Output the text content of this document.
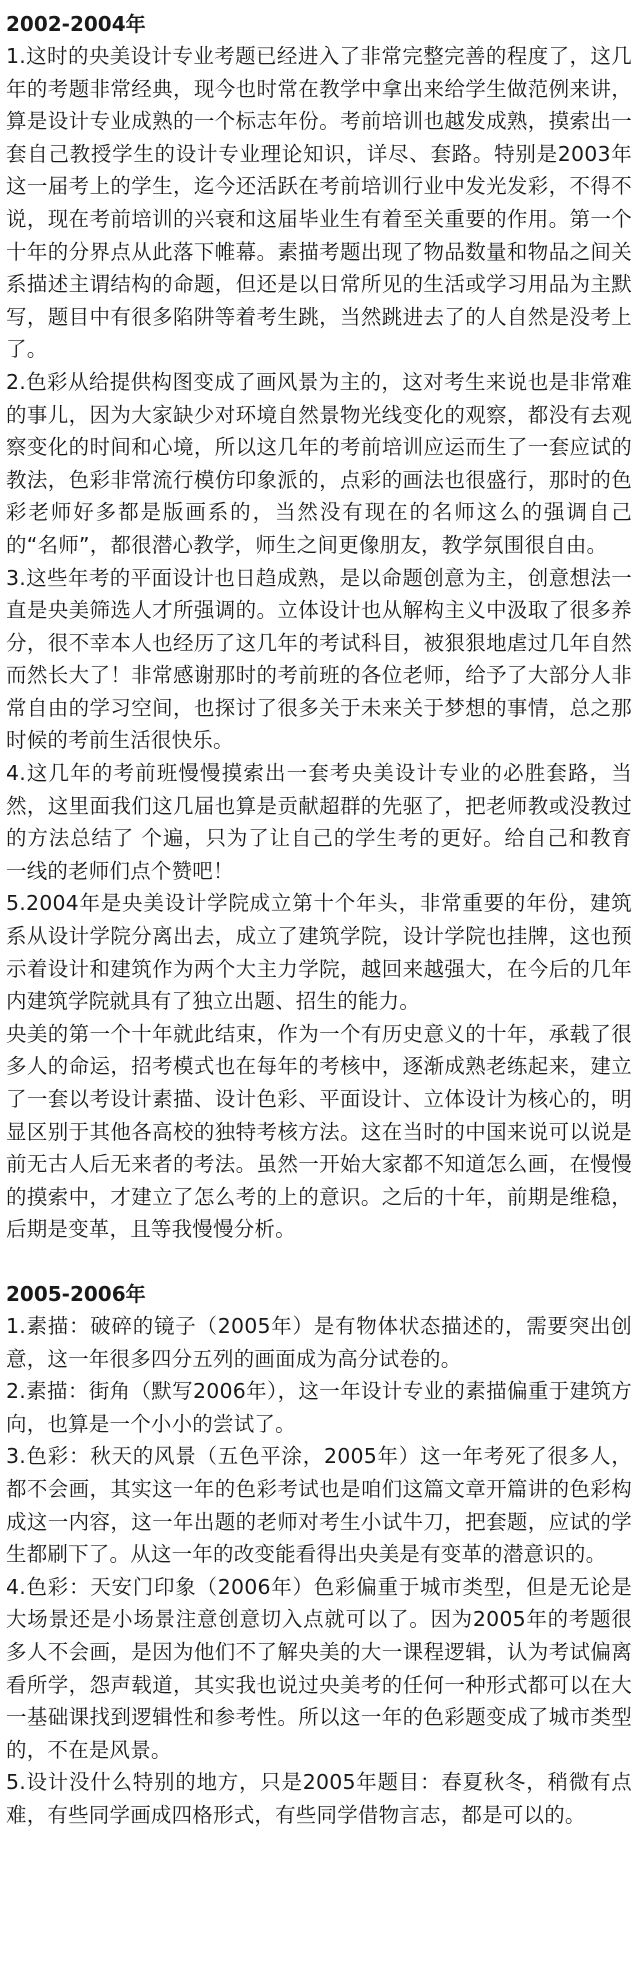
2002-2004年

1.这时的央美设计专业考题已经进入了非常完整完善的程度了，这几年的考题非常经典，现今也时常在教学中拿出来给学生做范例来讲，算是设计专业成熟的一个标志年份。考前培训也越发成熟，摸索出一套自己教授学生的设计专业理论知识，详尽、套路。特别是2003年这一届考上的学生，迄今还活跃在考前培训行业中发光发彩，不得不说，现在考前培训的兴衰和这届毕业生有着至关重要的作用。第一个十年的分界点从此落下帷幕。素描考题出现了物品数量和物品之间关系描述主谓结构的命题，但还是以日常所见的生活或学习用品为主默写，题目中有很多陷阱等着考生跳，当然跳进去了的人自然是没考上了。

2.色彩从给提供构图变成了画风景为主的，这对考生来说也是非常难的事儿，因为大家缺少对环境自然景物光线变化的观察，都没有去观察变化的时间和心境，所以这几年的考前培训应运而生了一套应试的教法，色彩非常流行模仿印象派的，点彩的画法也很盛行，那时的色彩老师好多都是版画系的，当然没有现在的名师这么的强调自己的“名师”，都很潜心教学，师生之间更像朋友，教学氛围很自由。

3.这些年考的平面设计也日趋成熟，是以命题创意为主，创意想法一直是央美筛选人才所强调的。立体设计也从解构主义中汲取了很多养分，很不幸本人也经历了这几年的考试科目，被狠狠地虐过几年自然而然长大了！非常感谢那时的考前班的各位老师，给予了大部分人非常自由的学习空间，也探讨了很多关于未来关于梦想的事情，总之那时候的考前生活很快乐。

4.这几年的考前班慢慢摸索出一套考央美设计专业的必胜套路，当然，这里面我们这几届也算是贡献超群的先驱了，把老师教或没教过的方法总结了 个遍，只为了让自己的学生考的更好。给自己和教育一线的老师们点个赞吧！

5.2004年是央美设计学院成立第十个年头，非常重要的年份，建筑系从设计学院分离出去，成立了建筑学院，设计学院也挂牌，这也预示着设计和建筑作为两个大主力学院，越回来越强大，在今后的几年内建筑学院就具有了独立出题、招生的能力。

央美的第一个十年就此结束，作为一个有历史意义的十年，承载了很多人的命运，招考模式也在每年的考核中，逐渐成熟老练起来，建立了一套以考设计素描、设计色彩、平面设计、立体设计为核心的，明显区别于其他各高校的独特考核方法。这在当时的中国来说可以说是前无古人后无来者的考法。虽然一开始大家都不知道怎么画，在慢慢的摸索中，才建立了怎么考的上的意识。之后的十年，前期是维稳，后期是变革，且等我慢慢分析。

2005-2006年

1.素描：破碎的镜子（2005年）是有物体状态描述的，需要突出创意，这一年很多四分五列的画面成为高分试卷的。

2.素描：街角（默写2006年），这一年设计专业的素描偏重于建筑方向，也算是一个小小的尝试了。

3.色彩：秋天的风景（五色平涂，2005年）这一年考死了很多人，都不会画，其实这一年的色彩考试也是咱们这篇文章开篇讲的色彩构成这一内容，这一年出题的老师对考生小试牛刀，把套题，应试的学生都刷下了。从这一年的改变能看得出央美是有变革的潜意识的。

4.色彩：天安门印象（2006年）色彩偏重于城市类型，但是无论是大场景还是小场景注意创意切入点就可以了。因为2005年的考题很多人不会画，是因为他们不了解央美的大一课程逻辑，认为考试偏离看所学，怨声载道，其实我也说过央美考的任何一种形式都可以在大一基础课找到逻辑性和参考性。所以这一年的色彩题变成了城市类型的，不在是风景。

5.设计没什么特别的地方，只是2005年题目：春夏秋冬，稍微有点难，有些同学画成四格形式，有些同学借物言志，都是可以的。
